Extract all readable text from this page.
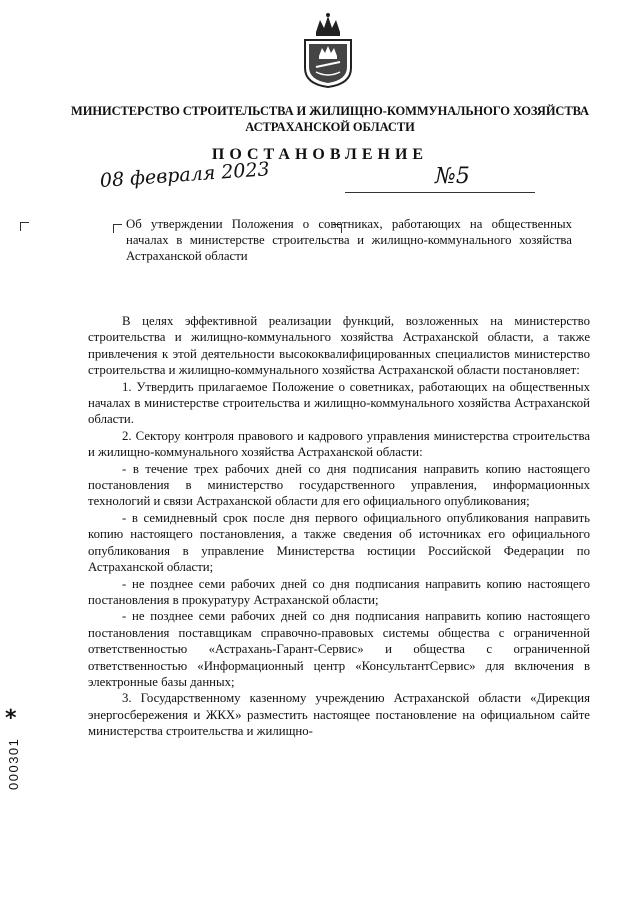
МИНИСТЕРСТВО СТРОИТЕЛЬСТВА И ЖИЛИЩНО-КОММУНАЛЬНОГО ХОЗЯЙСТВА
АСТРАХАНСКОЙ ОБЛАСТИ
ПОСТАНОВЛЕНИЕ
08 февраля 2023	№5
Об утверждении Положения о советниках, работающих на общественных началах в министерстве строительства и жилищно-коммунального хозяйства Астраханской области

В целях эффективной реализации функций, возложенных на министерство строительства и жилищно-коммунального хозяйства Астраханской области, а также привлечения к этой деятельности высококвалифицированных специалистов министерство строительства и жилищно-коммунального хозяйства Астраханской области постановляет:

1. Утвердить прилагаемое Положение о советниках, работающих на общественных началах в министерстве строительства и жилищно-коммунального хозяйства Астраханской области.

2. Сектору контроля правового и кадрового управления министерства строительства и жилищно-коммунального хозяйства Астраханской области:

- в течение трех рабочих дней со дня подписания направить копию настоящего постановления в министерство государственного управления, информационных технологий и связи Астраханской области для его официального опубликования;

- в семидневный срок после дня первого официального опубликования направить копию настоящего постановления, а также сведения об источниках его официального опубликования в управление Министерства юстиции Российской Федерации по Астраханской области;

- не позднее семи рабочих дней со дня подписания направить копию настоящего постановления в прокуратуру Астраханской области;

- не позднее семи рабочих дней со дня подписания направить копию настоящего постановления поставщикам справочно-правовых системы общества с ограниченной ответственностью «Астрахань-Гарант-Сервис» и общества с ограниченной ответственностью «Информационный центр «КонсультантСервис» для включения в электронные базы данных;

3. Государственному казенному учреждению Астраханской области «Дирекция энергосбережения и ЖКХ» разместить настоящее постановление на официальном сайте министерства строительства и жилищно-

*
000301
